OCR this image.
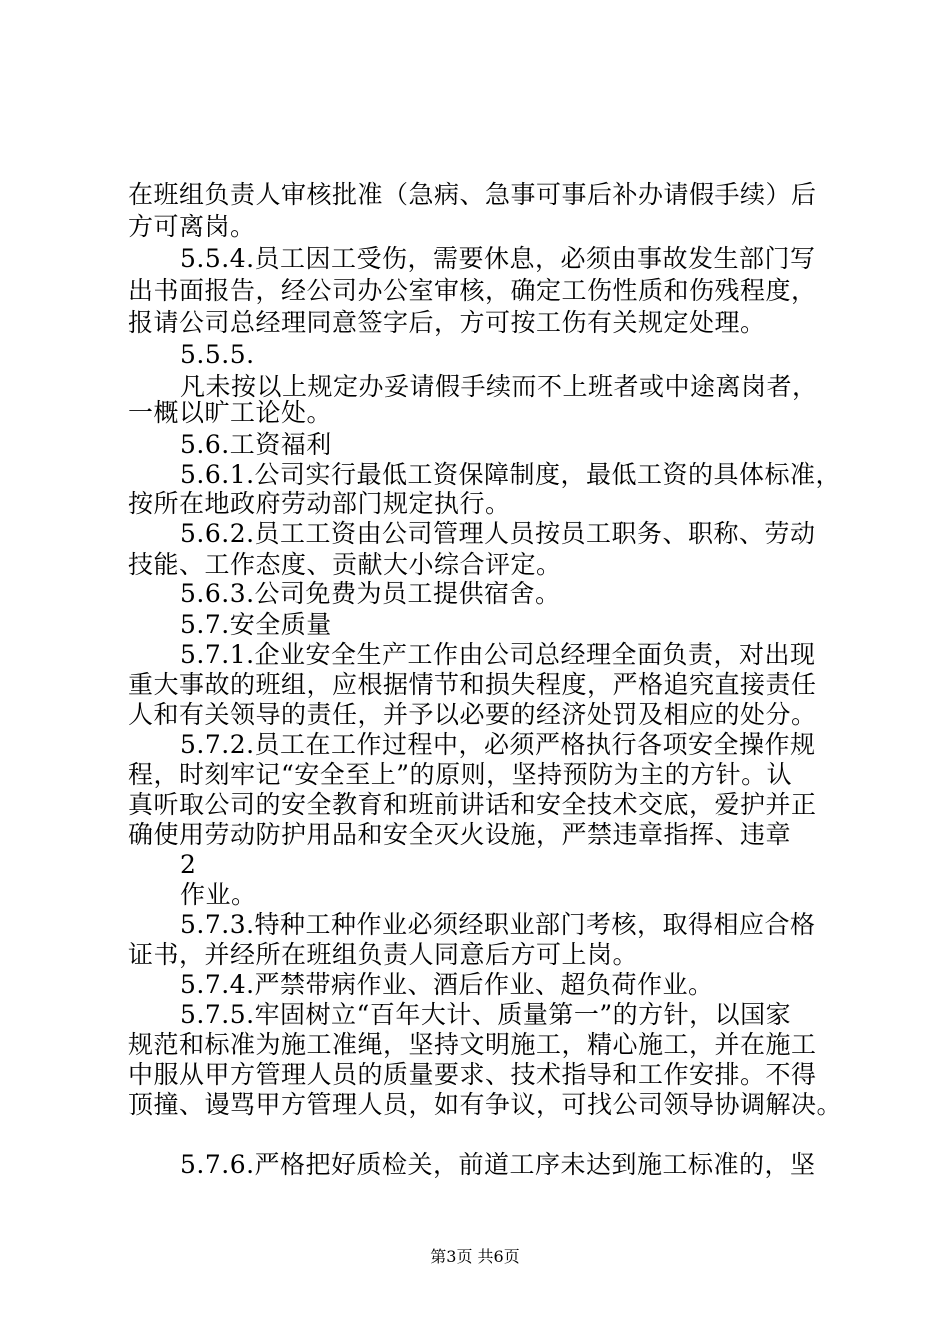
在班组负责人审核批准（急病、急事可事后补办请假手续）后
方可离岗。
5.5.4.员工因工受伤，需要休息，必须由事故发生部门写
出书面报告，经公司办公室审核，确定工伤性质和伤残程度，
报请公司总经理同意签字后，方可按工伤有关规定处理。
5.5.5.
凡未按以上规定办妥请假手续而不上班者或中途离岗者，
一概以旷工论处。
5.6.工资福利
5.6.1.公司实行最低工资保障制度，最低工资的具体标准，
按所在地政府劳动部门规定执行。
5.6.2.员工工资由公司管理人员按员工职务、职称、劳动
技能、工作态度、贡献大小综合评定。
5.6.3.公司免费为员工提供宿舍。
5.7.安全质量
5.7.1.企业安全生产工作由公司总经理全面负责，对出现
重大事故的班组，应根据情节和损失程度，严格追究直接责任
人和有关领导的责任，并予以必要的经济处罚及相应的处分。
5.7.2.员工在工作过程中，必须严格执行各项安全操作规
程，时刻牢记“安全至上”的原则，坚持预防为主的方针。认
真听取公司的安全教育和班前讲话和安全技术交底，爱护并正
确使用劳动防护用品和安全灭火设施，严禁违章指挥、违章
2
作业。
5.7.3.特种工种作业必须经职业部门考核，取得相应合格
证书，并经所在班组负责人同意后方可上岗。
5.7.4.严禁带病作业、酒后作业、超负荷作业。
5.7.5.牢固树立“百年大计、质量第一”的方针，以国家
规范和标准为施工准绳，坚持文明施工，精心施工，并在施工
中服从甲方管理人员的质量要求、技术指导和工作安排。不得
顶撞、谩骂甲方管理人员，如有争议，可找公司领导协调解决。
5.7.6.严格把好质检关，前道工序未达到施工标准的，坚
第3页 共6页
